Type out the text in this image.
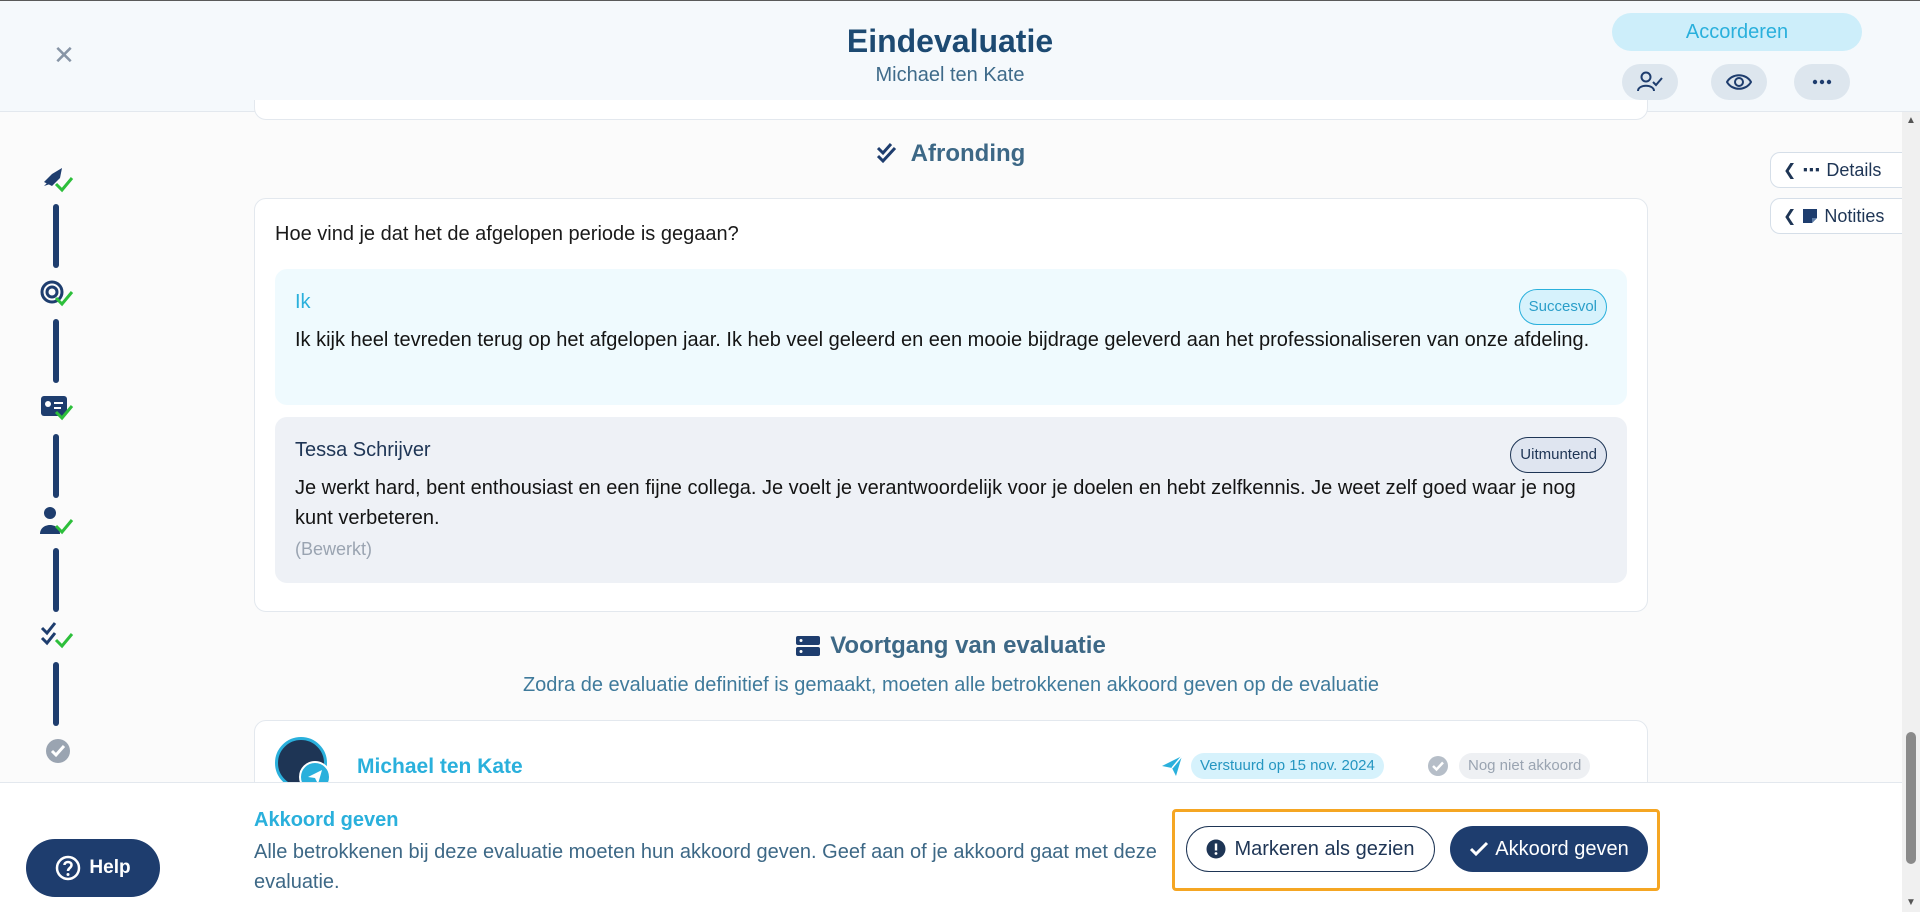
✕	Eindevaluatie
Michael ten Kate
Accorderen
Afronding
Hoe vind je dat het de afgelopen periode is gegaan?
Ik	Succesvol
Ik kijk heel tevreden terug op het afgelopen jaar. Ik heb veel geleerd en een mooie bijdrage geleverd aan het professionaliseren van onze afdeling.
Tessa Schrijver	Uitmuntend
Je werkt hard, bent enthousiast en een fijne collega. Je voelt je verantwoordelijk voor je doelen en hebt zelfkennis. Je weet zelf goed waar je nog kunt verbeteren.
(Bewerkt)
Voortgang van evaluatie
Zodra de evaluatie definitief is gemaakt, moeten alle betrokkenen akkoord geven op de evaluatie
Michael ten Kate	Verstuurd op 15 nov. 2024	Nog niet akkoord
❮ ⋯ Details
❮ Notities
▲
▼
Help
Akkoord geven
Alle betrokkenen bij deze evaluatie moeten hun akkoord geven. Geef aan of je akkoord gaat met deze evaluatie.
Markeren als gezien	Akkoord geven
